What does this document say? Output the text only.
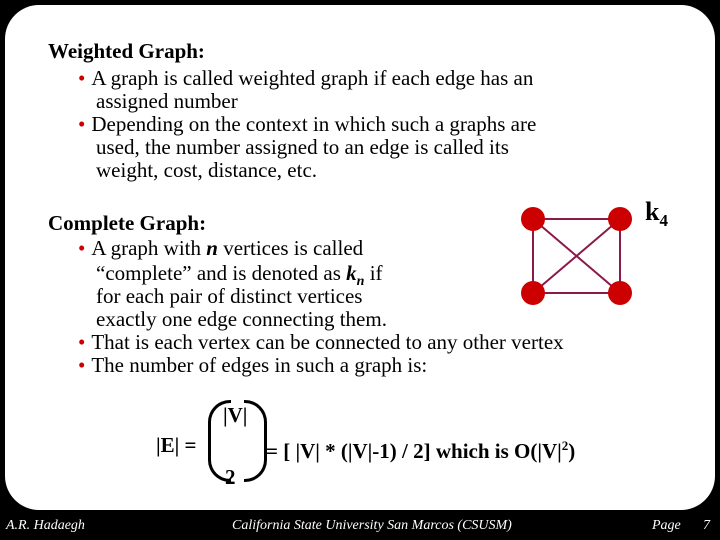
Weighted Graph:
• A graph is called weighted graph if each edge has an
assigned number
• Depending on the context in which such a graphs are
used, the number assigned to an edge is called its
weight, cost, distance, etc.
Complete Graph:
• A graph with n vertices is called
“complete” and is denoted as $k_n$ if
for each pair of distinct vertices
exactly one edge connecting them.
• That is each vertex can be connected to any other vertex
• The number of edges in such a graph is:
$k_4$
|E| =
|V|
2
= [ |V| * (|V|-1) / 2] which is $O(|V|^2)$
A.R. Hadaegh	California State University San Marcos (CSUSM)	Page 7
